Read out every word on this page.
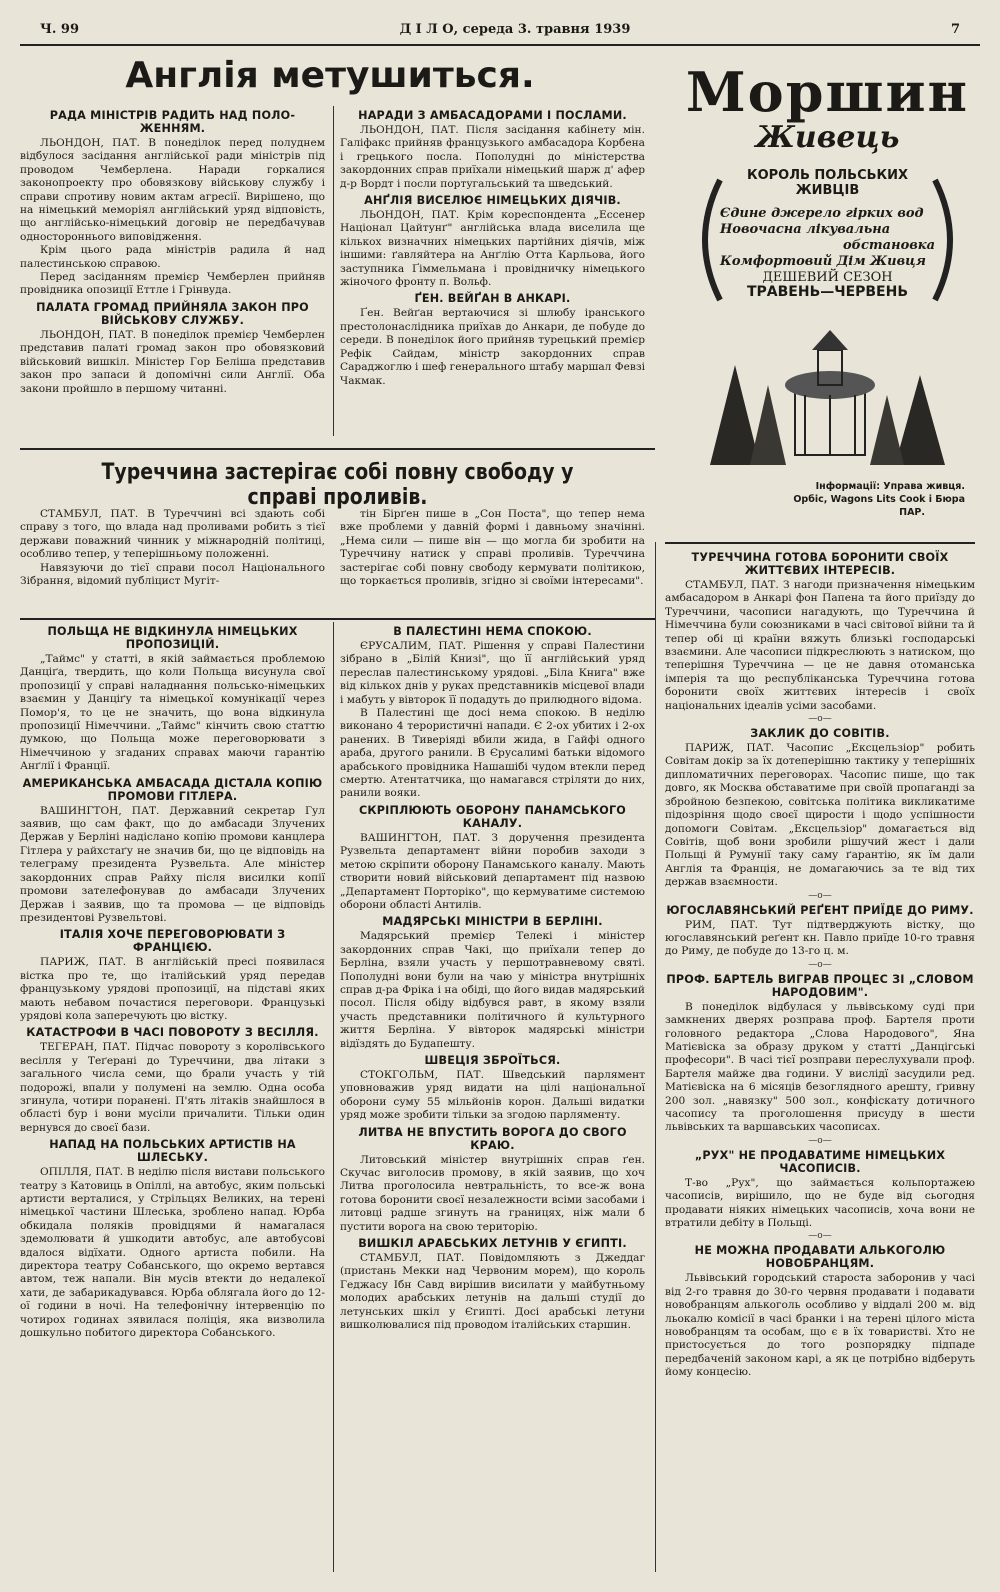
Ч. 99	Д І Л О, середа 3. травня 1939	7
Англія метушиться.
РАДА МІНІСТРІВ РАДИТЬ НАД ПОЛО-ЖЕННЯМ.

ЛЬОНДОН, ПАТ. В понеділок перед полуднем відбулося засідання англійської ради міністрів під проводом Чемберлена. Наради горкалися законопроекту про обовязкову військову службу і справи спротиву новим актам агресії. Вирішено, що на німецький меморіял англійський уряд відповість, що англійсько-німецький договір не передбачував одностороннього виповідження.

Крім цього рада міністрів радила й над палестинською справою.

Перед засіданням премієр Чемберлен прийняв провідника опозиції Еттле і Грінвуда.

ПАЛАТА ГРОМАД ПРИЙНЯЛА ЗАКОН ПРО ВІЙСЬКОВУ СЛУЖБУ.

ЛЬОНДОН, ПАТ. В понеділок премієр Чемберлен представив палаті громад закон про обовязковий військовий вишкіл. Міністер Гор Беліша представив закон про запаси й допомічні сили Англії. Оба закони пройшло в першому читанні.

НАРАДИ З АМБАСАДОРАМИ І ПОСЛАМИ.

ЛЬОНДОН, ПАТ. Після засідання кабінету мін. Галіфакс прийняв французького амбасадора Корбена і грецького посла. Пополудні до міністерства закордонних справ приїхали німецький шарж д' афер д-р Вордт і посли португальський та шведський.

АНҐЛІЯ ВИСЕЛЮЄ НІМЕЦЬКИХ ДІЯЧІВ.

ЛЬОНДОН, ПАТ. Крім кореспондента „Ессенер Націонал Цайтунґ" англійська влада виселила ще кількох визначних німецьких партійних діячів, між іншими: ґавляйтера на Анґлію Отта Карльова, його заступника Ґіммельмана і провідничку німецького жіночого фронту п. Вольф.

ҐЕН. ВЕЙҐАН В АНКАРІ.

Ґен. Вейґан вертаючися зі шлюбу іранського престолонаслідника приїхав до Анкари, де побуде до середи. В понеділок його прийняв турецький премієр Рефік Сайдам, міністр закордонних справ Сараджоглю і шеф генерального штабу маршал Февзі Чакмак.

Моршин
Живець
КОРОЛЬ ПОЛЬСЬКИХ
ЖИВЦІВ
Єдине джерело гірких вод
Новочасна лікувальна
обстановка
Комфортовий Дім Живця
ДЕШЕВИЙ СЕЗОН
ТРАВЕНЬ—ЧЕРВЕНЬ
Інформації: Управа живця.
Орбіс, Wagons Lits Cook і Бюра
ПАР.
Туреччина застерігає собі повну свободу у справі проливів.

СТАМБУЛ, ПАТ. В Туреччині всі здають собі справу з того, що влада над проливами робить з тієї держави поважний чинник у міжнародній політиці, особливо тепер, у теперішньому положенні.

Навязуючи до тієї справи посол Національного Зібрання, відомий публіцист Мугіт-

тін Бірґен пише в „Сон Поста", що тепер нема вже проблеми у давній формі і давньому значінні. „Нема сили — пише він — що могла би зробити на Туреччину натиск у справі проливів. Туреччина застерігає собі повну свободу кермувати політикою, що торкається проливів, згідно зі своїми інтересами".

ПОЛЬЩА НЕ ВІДКИНУЛА НІМЕЦЬКИХ ПРОПОЗИЦІЙ.

„Таймс" у статті, в якій займається проблемою Данціґа, твердить, що коли Польща висунула свої пропозиції у справі наладнання польсько-німецьких взаємин у Данціґу та німецької комунікації через Помор'я, то це не значить, що вона відкинула пропозиції Німеччини. „Таймс" кінчить свою статтю думкою, що Польща може переговорювати з Німеччиною у згаданих справах маючи гарантію Анґлії і Франції.

АМЕРИКАНСЬКА АМБАСАДА ДІСТАЛА КОПІЮ ПРОМОВИ ГІТЛЕРА.

ВАШИНГТОН, ПАТ. Державний секретар Гул заявив, що сам факт, що до амбасади Злучених Держав у Берліні надіслано копію промови канцлера Гітлера у райхстаґу не значив би, що це відповідь на телеграму президента Рузвельта. Але міністер закордонних справ Райху після висилки копії промови зателефонував до амбасади Злучених Держав і заявив, що та промова — це відповідь президентові Рузвельтові.

ІТАЛІЯ ХОЧЕ ПЕРЕГОВОРЮВАТИ З ФРАНЦІЄЮ.

ПАРИЖ, ПАТ. В англійській пресі появилася вістка про те, що італійський уряд передав французькому урядові пропозиції, на підставі яких мають небавом почастися переговори. Французькі урядові кола заперечують цю вістку.

КАТАСТРОФИ В ЧАСІ ПОВОРОТУ З ВЕСІЛЛЯ.

ТЕГЕРАН, ПАТ. Підчас повороту з королівського весілля у Теґерані до Туреччини, два літаки з загального числа семи, що брали участь у тій подорожі, впали у полумені на землю. Одна особа згинула, чотири поранені. П'ять літаків знайшлося в області бур і вони мусіли причалити. Тільки один вернувся до своєї бази.

НАПАД НА ПОЛЬСЬКИХ АРТИСТІВ НА ШЛЕСЬКУ.

ОПІЛЛЯ, ПАТ. В неділю після вистави польського театру з Катовиць в Опіллі, на автобус, яким польські артисти верталися, у Стрільцях Великих, на терені німецької частини Шлеська, зроблено напад. Юрба обкидала поляків провідцями й намагалася здемолювати й ушкодити автобус, але автобусові вдалося відїхати. Одного артиста побили. На директора театру Собанського, що окремо вертався автом, теж напали. Він мусів втекти до недалекої хати, де забарикадувався. Юрба облягала його до 12-ої години в ночі. На телефонічну інтервенцію по чотирох годинах зявилася поліція, яка визволила дошкульно побитого директора Собанського.

В ПАЛЕСТИНІ НЕМА СПОКОЮ.

ЄРУСАЛИМ, ПАТ. Рішення у справі Палестини зібрано в „Білій Книзі", що її англійський уряд переслав палестинському урядові. „Біла Книга" вже від кількох днів у руках представників місцевої влади і мабуть у вівторок її подадуть до прилюдного відома.

В Палестині ще досі нема спокою. В неділю виконано 4 терористичні напади. Є 2-ох убитих і 2-ох ранених. В Тиверіяді вбили жида, в Гайфі одного араба, другого ранили. В Єрусалимі батьки відомого арабського провідника Нашашібі чудом втекли перед смертю. Атентатчика, що намагався стріляти до них, ранили вояки.

СКРІПЛЮЮТЬ ОБОРОНУ ПАНАМСЬКОГО КАНАЛУ.

ВАШИНГТОН, ПАТ. З доручення президента Рузвельта департамент війни поробив заходи з метою скріпити оборону Панамського каналу. Мають створити новий військовий департамент під назвою „Департамент Порторіко", що кермуватиме системою оборони області Антилів.

МАДЯРСЬКІ МІНІСТРИ В БЕРЛІНІ.

Мадярський премієр Телекі і міністер закордонних справ Чакі, що приїхали тепер до Берліна, взяли участь у першотравневому святі. Пополудні вони були на чаю у міністра внутрішніх справ д-ра Фріка і на обіді, що його видав мадярський посол. Після обіду відбувся равт, в якому взяли участь представники політичного й культурного життя Берліна. У вівторок мадярські міністри відїздять до Будапешту.

ШВЕЦІЯ ЗБРОЇТЬСЯ.

СТОКГОЛЬМ, ПАТ. Шведський парлямент уповноважив уряд видати на цілі національної оборони суму 55 мільйонів корон. Дальші видатки уряд може зробити тільки за згодою парляменту.

ЛИТВА НЕ ВПУСТИТЬ ВОРОГА ДО СВОГО КРАЮ.

Литовський міністер внутрішніх справ ґен. Скучас виголосив промову, в якій заявив, що хоч Литва проголосила невтральність, то все-ж вона готова боронити своєї незалежности всіми засобами і литовці радше згинуть на границях, ніж мали б пустити ворога на свою територію.

ВИШКІЛ АРАБСЬКИХ ЛЕТУНІВ У ЄГИПТІ.

СТАМБУЛ, ПАТ. Повідомляють з Джеддаг (пристань Мекки над Червоним морем), що король Геджасу Ібн Савд вирішив висилати у майбутньому молодих арабських летунів на дальші студії до летунських шкіл у Єгипті. Досі арабські летуни вишколювалися під проводом італійських старшин.

ТУРЕЧЧИНА ГОТОВА БОРОНИТИ СВОЇХ ЖИТТЄВИХ ІНТЕРЕСІВ.

СТАМБУЛ, ПАТ. З нагоди призначення німецьким амбасадором в Анкарі фон Папена та його приїзду до Туреччини, часописи нагадують, що Туреччина й Німеччина були союзниками в часі світової війни та й тепер обі ці країни вяжуть близькі господарські взаємини. Але часописи підкреслюють з натиском, що теперішня Туреччина — це не давня отоманська імперія та що республіканська Туреччина готова боронити своїх життєвих інтересів і своїх національних ідеалів усіми засобами.

—o—
ЗАКЛИК ДО СОВІТІВ.

ПАРИЖ, ПАТ. Часопис „Ексцельзіор" робить Совітам докір за їх дотеперішню тактику у теперішніх дипломатичних переговорах. Часопис пише, що так довго, як Москва обставатиме при своїй пропаганді за збройною безпекою, совітська політика викликатиме підозріння щодо своєї щирости і щодо успішности допомоги Совітам. „Ексцельзіор" домагається від Совітів, щоб вони зробили рішучий жест і дали Польщі й Румунії таку саму ґарантію, як їм дали Англія та Франція, не домагаючись за те від тих держав взаємности.

—o—
ЮГОСЛАВЯНСЬКИЙ РЕҐЕНТ ПРИЇДЕ ДО РИМУ.

РИМ, ПАТ. Тут підтверджують вістку, що югославянський реґент кн. Павло приїде 10-го травня до Риму, де побуде до 13-го ц. м.

—o—
ПРОФ. БАРТЕЛЬ ВИГРАВ ПРОЦЕС ЗІ „СЛОВОМ НАРОДОВИМ".

В понеділок відбулася у львівському суді при замкнених дверях розправа проф. Бартеля проти головного редактора „Слова Народового", Яна Матієвіска за образу друком у статті „Данцігські професори". В часі тієї розправи переслухували проф. Бартеля майже два години. У вислідї засудили ред. Матієвіска на 6 місяців безоглядного арешту, ґривну 200 зол. „навязку" 500 зол., конфіскату дотичного часопису та проголошення присуду в шести львівських та варшавських часописах.

—o—
„РУХ" НЕ ПРОДАВАТИМЕ НІМЕЦЬКИХ ЧАСОПИСІВ.

Т-во „Рух", що займається кольпортажею часописів, вирішило, що не буде від сьогодня продавати ніяких німецьких часописів, хоча вони не втратили дебіту в Польщі.

—o—
НЕ МОЖНА ПРОДАВАТИ АЛЬКОГОЛЮ НОВОБРАНЦЯМ.

Львівський городський староста заборонив у часі від 2-го травня до 30-го червня продавати і подавати новобранцям алькоголь особливо у віддалі 200 м. від льокалю комісії в часі бранки і на терені цілого міста новобранцям та особам, що є в їх товаристві. Хто не пристосується до того розпорядку підпаде передбаченій законом карі, а як це потрібно відберуть йому концесію.
